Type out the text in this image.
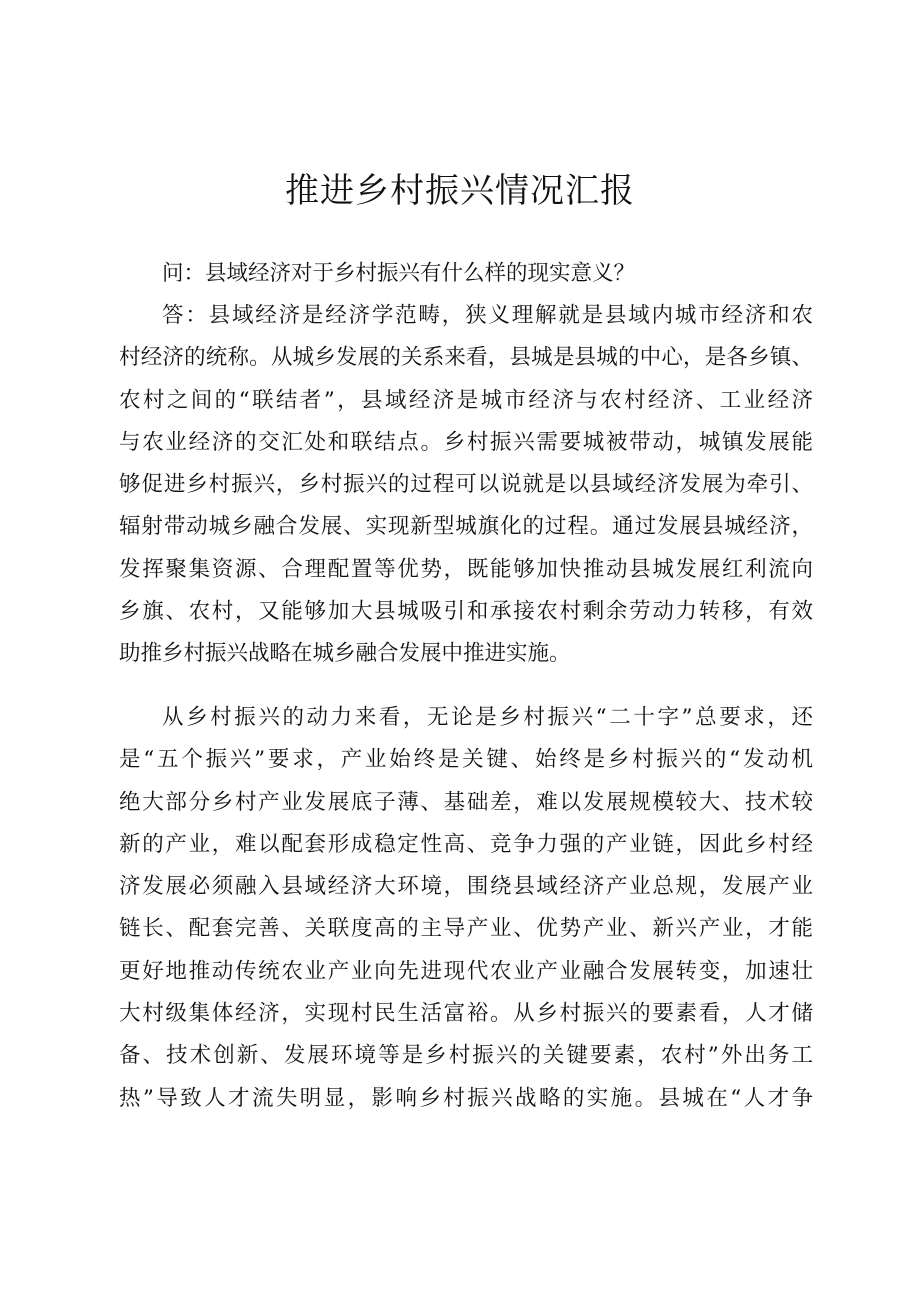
推进乡村振兴情况汇报
问：县域经济对于乡村振兴有什么样的现实意义？
答：县域经济是经济学范畴，狭义理解就是县域内城市经济和农
村经济的统称。从城乡发展的关系来看，县城是县城的中心，是各乡镇、
农村之间的“联结者”，县域经济是城市经济与农村经济、工业经济
与农业经济的交汇处和联结点。乡村振兴需要城被带动，城镇发展能
够促进乡村振兴，乡村振兴的过程可以说就是以县域经济发展为牵引、
辐射带动城乡融合发展、实现新型城旗化的过程。通过发展县城经济，
发挥聚集资源、合理配置等优势，既能够加快推动县城发展红利流向
乡旗、农村，又能够加大县城吸引和承接农村剩余劳动力转移，有效
助推乡村振兴战略在城乡融合发展中推进实施。
从乡村振兴的动力来看，无论是乡村振兴“二十字”总要求，还
是“五个振兴”要求，产业始终是关键、始终是乡村振兴的“发动机
绝大部分乡村产业发展底子薄、基础差，难以发展规模较大、技术较
新的产业，难以配套形成稳定性高、竞争力强的产业链，因此乡村经
济发展必须融入县域经济大环境，围绕县域经济产业总规，发展产业
链长、配套完善、关联度高的主导产业、优势产业、新兴产业，才能
更好地推动传统农业产业向先进现代农业产业融合发展转变，加速壮
大村级集体经济，实现村民生活富裕。从乡村振兴的要素看，人才储
备、技术创新、发展环境等是乡村振兴的关键要素，农村”外出务工
热”导致人才流失明显，影响乡村振兴战略的实施。县城在“人才争
